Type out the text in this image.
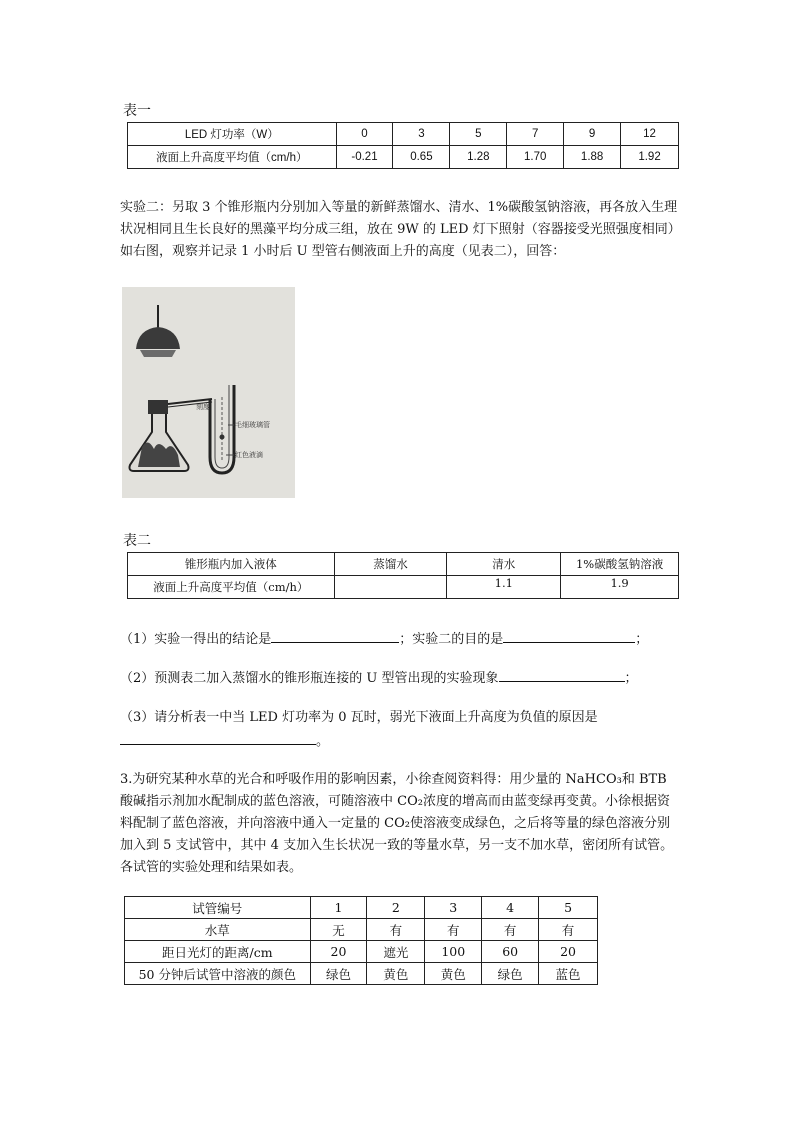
表一
LED 灯功率（W）	0	3	5	7	9	12
液面上升高度平均值（cm/h）	-0.21	0.65	1.28	1.70	1.88	1.92

实验二：另取 3 个锥形瓶内分别加入等量的新鲜蒸馏水、清水、1%碳酸氢钠溶液，再各放入生理状况相同且生长良好的黑藻平均分成三组，放在 9W 的 LED 灯下照射（容器接受光照强度相同）如右图，观察并记录 1 小时后 U 型管右侧液面上升的高度（见表二），回答：

刻度
毛细玻璃管
红色液滴
表二
锥形瓶内加入液体	蒸馏水	清水	1%碳酸氢钠溶液
液面上升高度平均值（cm/h）		1.1	1.9

（1）实验一得出的结论是	；实验二的目的是	；

（2）预测表二加入蒸馏水的锥形瓶连接的 U 型管出现的实验现象	；

（3）请分析表一中当 LED 灯功率为 0 瓦时，弱光下液面上升高度为负值的原因是

。

3.为研究某种水草的光合和呼吸作用的影响因素，小徐查阅资料得：用少量的 NaHCO₃和 BTB 酸碱指示剂加水配制成的蓝色溶液，可随溶液中 CO₂浓度的增高而由蓝变绿再变黄。小徐根据资料配制了蓝色溶液，并向溶液中通入一定量的 CO₂使溶液变成绿色，之后将等量的绿色溶液分别加入到 5 支试管中，其中 4 支加入生长状况一致的等量水草，另一支不加水草，密闭所有试管。各试管的实验处理和结果如表。

试管编号	1	2	3	4	5
水草	无	有	有	有	有
距日光灯的距离/cm	20	遮光	100	60	20
50 分钟后试管中溶液的颜色	绿色	黄色	黄色	绿色	蓝色
